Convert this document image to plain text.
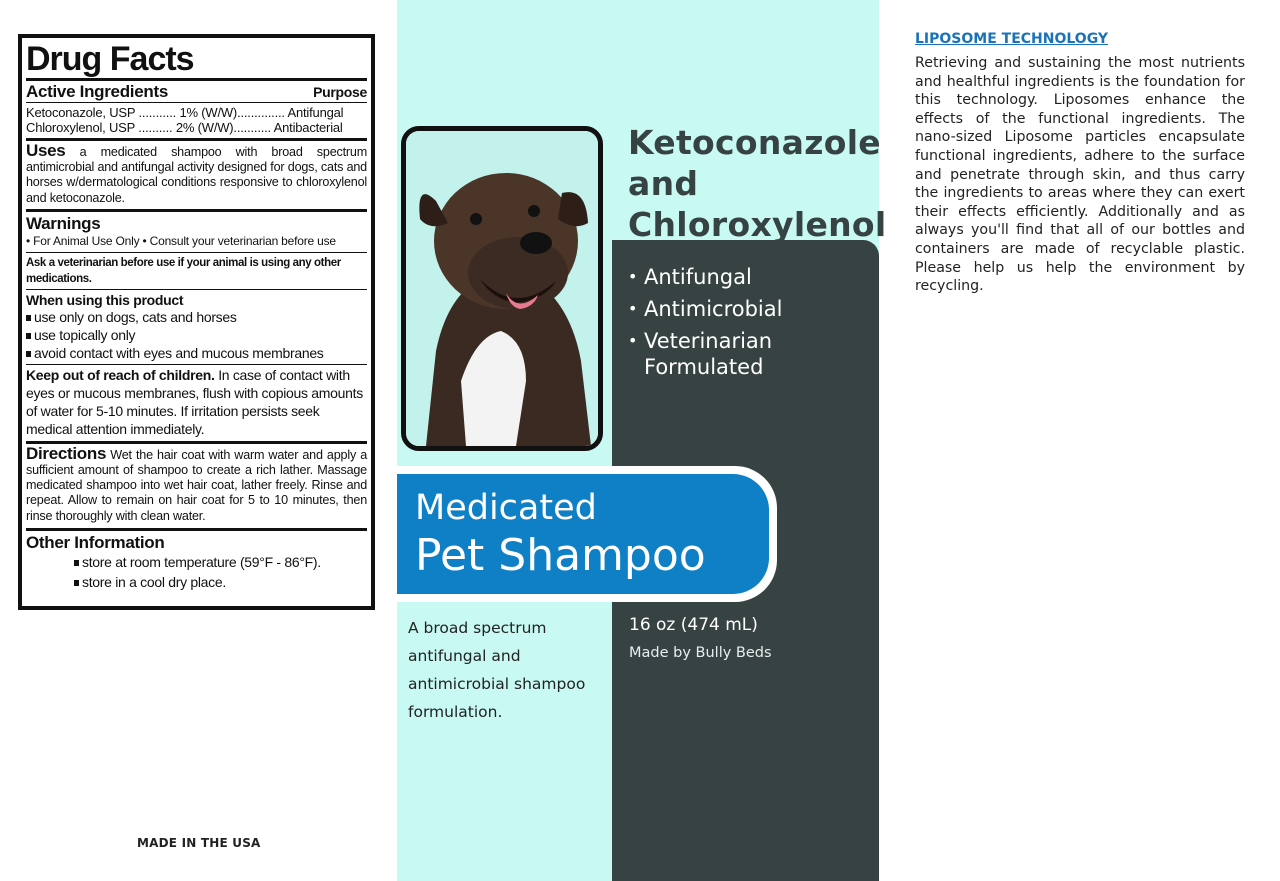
Drug Facts
Active Ingredients	Purpose
Ketoconazole, USP ........... 1% (W/W).............. Antifungal
Chloroxylenol, USP .......... 2% (W/W)........... Antibacterial
Uses a medicated shampoo with broad spectrum antimicrobial and antifungal activity designed for dogs, cats and horses w/dermatological conditions responsive to chloroxylenol and ketoconazole.
Warnings
• For Animal Use Only • Consult your veterinarian before use
Ask a veterinarian before use if your animal is using any other medications.
When using this product
use only on dogs, cats and horses
use topically only
avoid contact with eyes and mucous membranes
Keep out of reach of children. In case of contact with eyes or mucous membranes, flush with copious amounts of water for 5-10 minutes. If irritation persists seek medical attention immediately.
Directions Wet the hair coat with warm water and apply a sufficient amount of shampoo to create a rich lather. Massage medicated shampoo into wet hair coat, lather freely. Rinse and repeat. Allow to remain on hair coat for 5 to 10 minutes, then rinse thoroughly with clean water.
Other Information
store at room temperature (59°F - 86°F).
store in a cool dry place.
MADE IN THE USA
Ketoconazole and Chloroxylenol
• Antifungal
• Antimicrobial
• Veterinarian Formulated
Medicated
Pet Shampoo
A broad spectrum antifungal and antimicrobial shampoo formulation.
16 oz (474 mL)
Made by Bully Beds
LIPOSOME TECHNOLOGY
Retrieving and sustaining the most nutrients and healthful ingredients is the foundation for this technology. Liposomes enhance the effects of the functional ingredients. The nano-sized Liposome particles encapsulate functional ingredients, adhere to the surface and penetrate through skin, and thus carry the ingredients to areas where they can exert their effects efficiently. Additionally and as always you'll find that all of our bottles and containers are made of recyclable plastic. Please help us help the environment by recycling.
